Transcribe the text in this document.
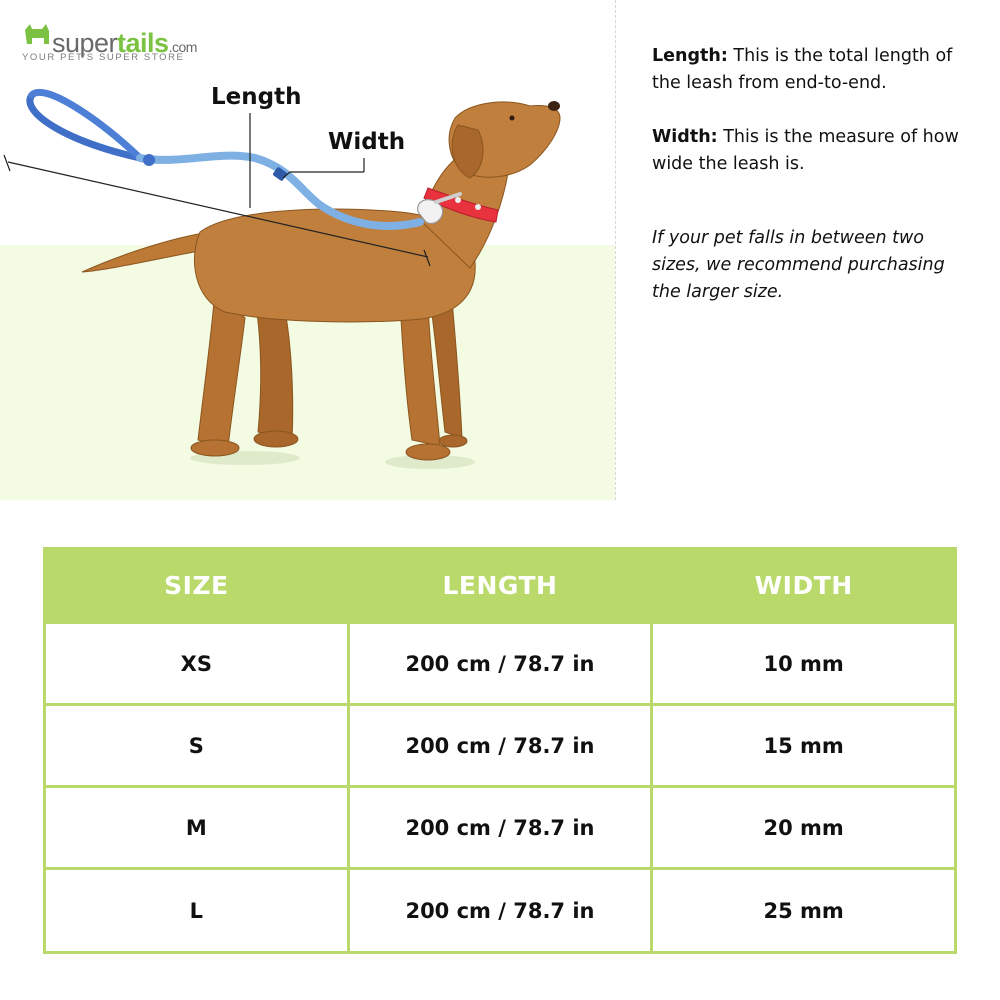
Length
Width
supertails.com
YOUR PET'S SUPER STORE	Length: This is the total length of the leash from end-to-end.

Width: This is the measure of how wide the leash is.

If your pet falls in between two sizes, we recommend purchasing the larger size.

SIZE	LENGTH	WIDTH
XS	200 cm / 78.7 in	10 mm
S	200 cm / 78.7 in	15 mm
M	200 cm / 78.7 in	20 mm
L	200 cm / 78.7 in	25 mm
